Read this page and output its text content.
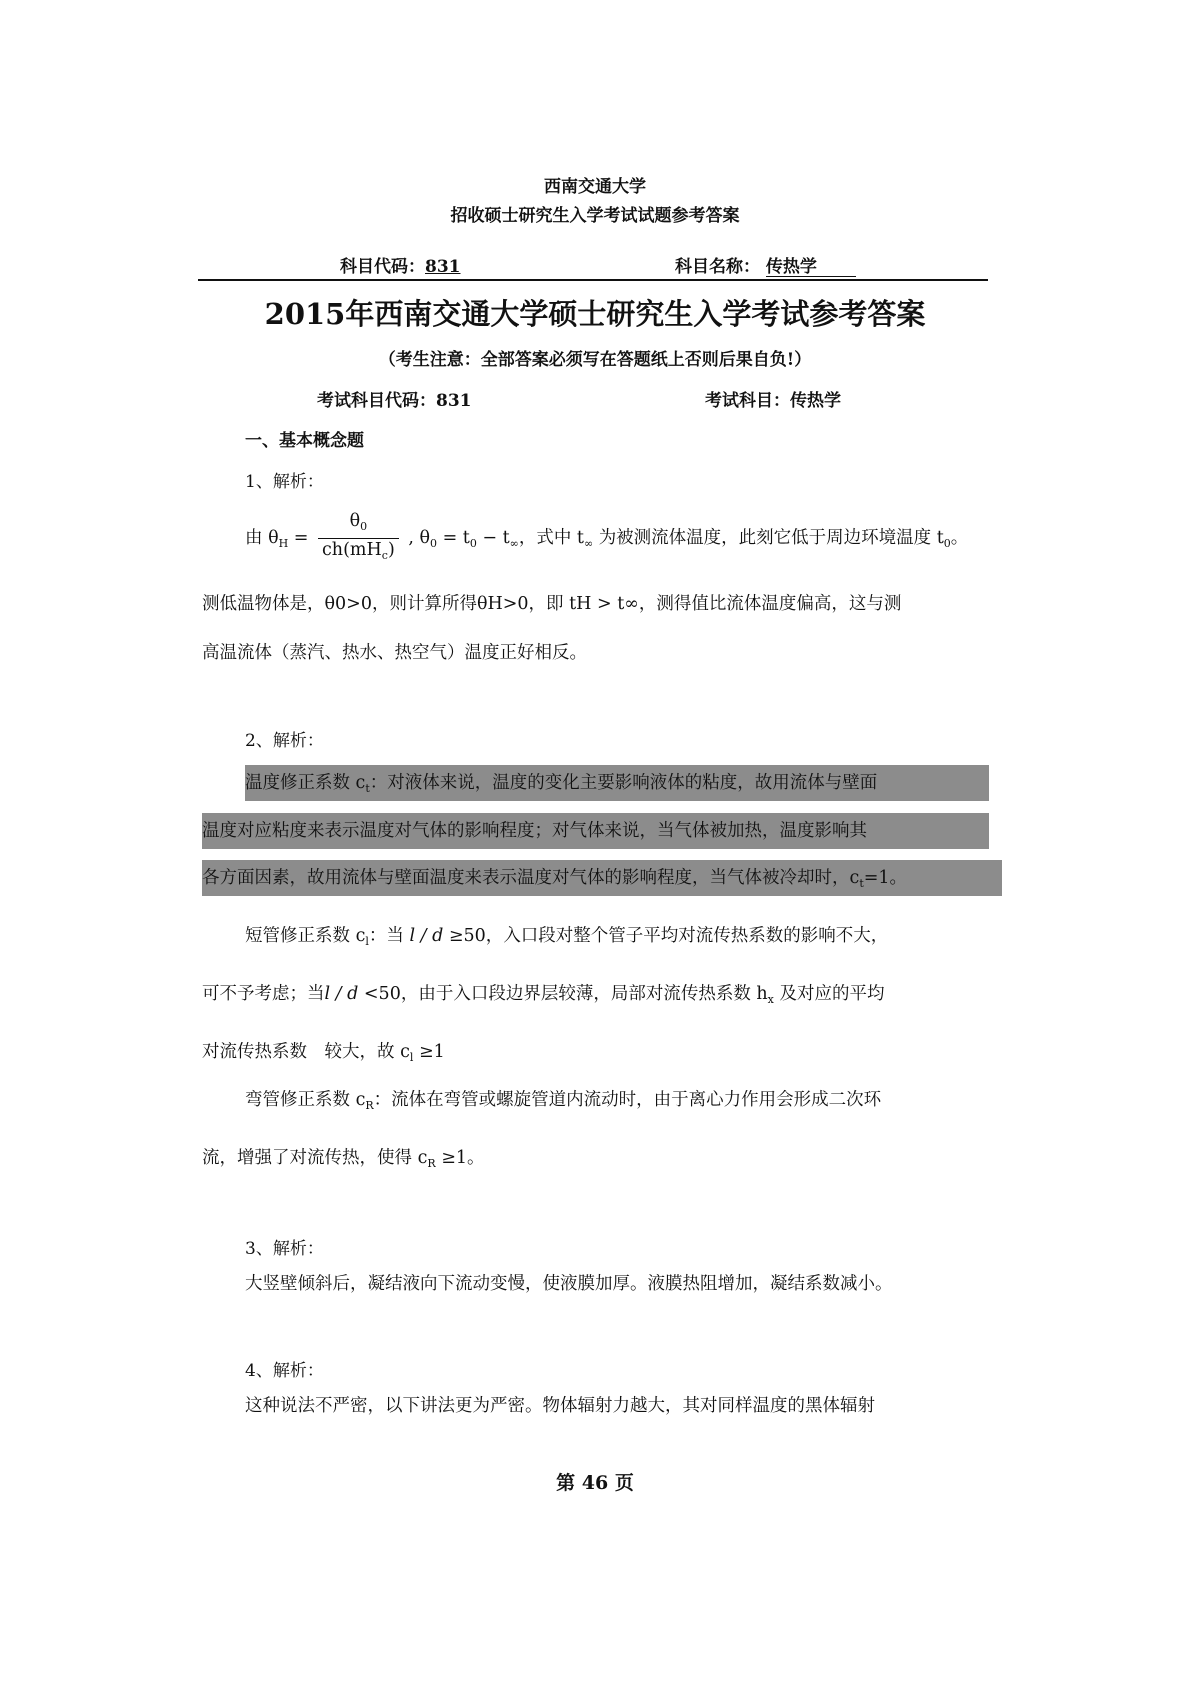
西南交通大学
招收硕士研究生入学考试试题参考答案
科目代码：831	科目名称： 传热学
2015年西南交通大学硕士研究生入学考试参考答案
（考生注意：全部答案必须写在答题纸上否则后果自负!）
考试科目代码：831	考试科目：传热学
一、基本概念题
1、解析：
由 $\theta_H = \frac{\theta_0}{ch(mH_c)}$ , $\theta_0 = t_0 - t_\infty$，式中 $t_\infty$ 为被测流体温度，此刻它低于周边环境温度 $t_0$。
测低温物体是，θ0>0，则计算所得θH>0，即 tH > t∞，测得值比流体温度偏高，这与测
高温流体（蒸汽、热水、热空气）温度正好相反。
2、解析：
温度修正系数 $c_t$：对液体来说，温度的变化主要影响液体的粘度，故用流体与壁面
温度对应粘度来表示温度对气体的影响程度；对气体来说，当气体被加热，温度影响其
各方面因素，故用流体与壁面温度来表示温度对气体的影响程度，当气体被冷却时，$c_t=1$。
短管修正系数 $c_l$：当 l / d ≥50，入口段对整个管子平均对流传热系数的影响不大，
可不予考虑；当l / d <50，由于入口段边界层较薄，局部对流传热系数 $h_x$ 及对应的平均
对流传热系数　较大，故 $c_l \ge 1$
弯管修正系数 $c_R$：流体在弯管或螺旋管道内流动时，由于离心力作用会形成二次环
流，增强了对流传热，使得 $c_R \ge 1$。
3、解析：
大竖壁倾斜后，凝结液向下流动变慢，使液膜加厚。液膜热阻增加，凝结系数减小。
4、解析：
这种说法不严密，以下讲法更为严密。物体辐射力越大，其对同样温度的黑体辐射
第 46 页
